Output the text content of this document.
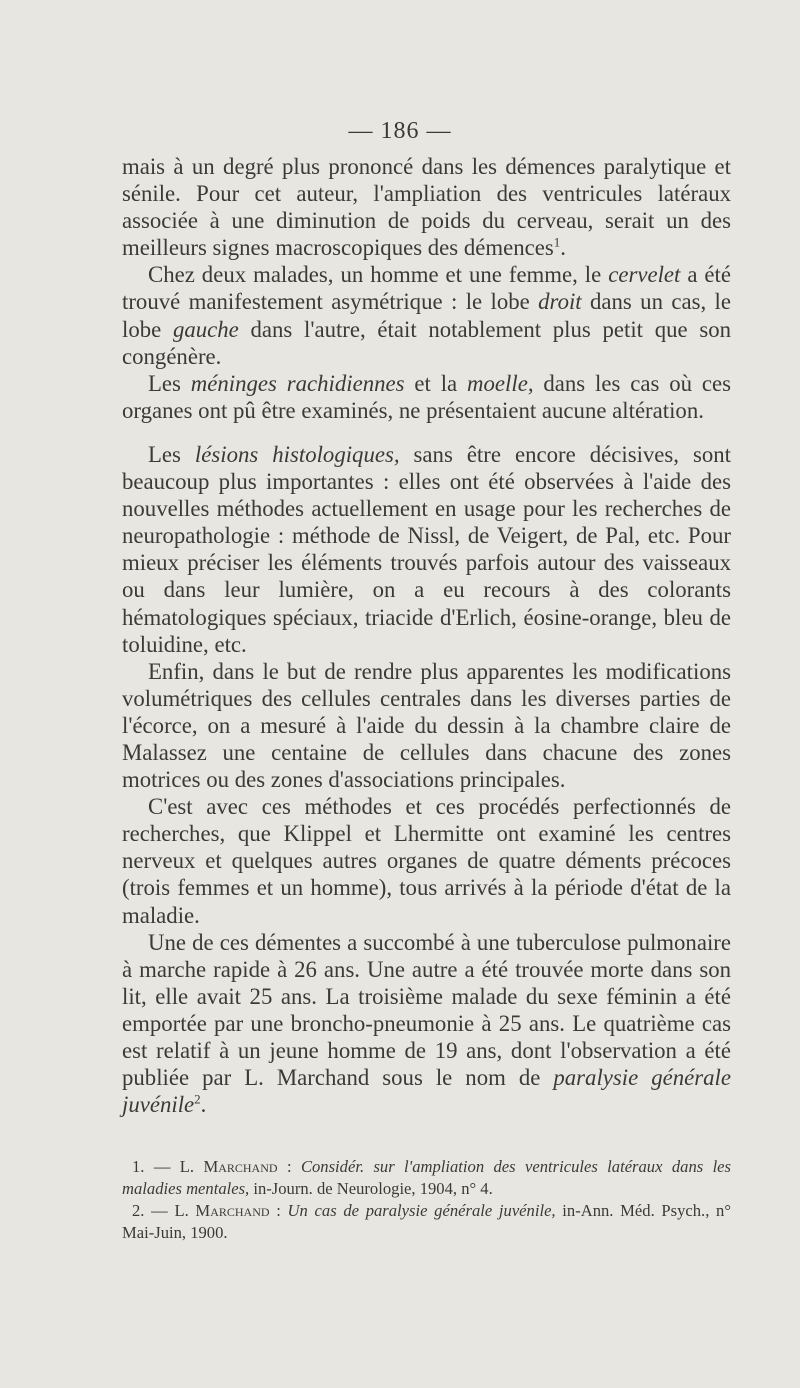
— 186 —

mais à un degré plus prononcé dans les démences paralytique et sénile. Pour cet auteur, l'ampliation des ventricules latéraux associée à une diminution de poids du cerveau, serait un des meilleurs signes macroscopiques des démences$^1$.

Chez deux malades, un homme et une femme, le cervelet a été trouvé manifestement asymétrique : le lobe droit dans un cas, le lobe gauche dans l'autre, était notablement plus petit que son congénère.

Les méninges rachidiennes et la moelle, dans les cas où ces organes ont pû être examinés, ne présentaient aucune altération.

Les lésions histologiques, sans être encore décisives, sont beaucoup plus importantes : elles ont été observées à l'aide des nouvelles méthodes actuellement en usage pour les recherches de neuropathologie : méthode de Nissl, de Veigert, de Pal, etc. Pour mieux préciser les éléments trouvés parfois autour des vaisseaux ou dans leur lumière, on a eu recours à des colorants hématologiques spéciaux, triacide d'Erlich, éosine-orange, bleu de toluidine, etc.

Enfin, dans le but de rendre plus apparentes les modifications volumétriques des cellules centrales dans les diverses parties de l'écorce, on a mesuré à l'aide du dessin à la chambre claire de Malassez une centaine de cellules dans chacune des zones motrices ou des zones d'associations principales.

C'est avec ces méthodes et ces procédés perfectionnés de recherches, que Klippel et Lhermitte ont examiné les centres nerveux et quelques autres organes de quatre déments précoces (trois femmes et un homme), tous arrivés à la période d'état de la maladie.

Une de ces démentes a succombé à une tuberculose pulmonaire à marche rapide à 26 ans. Une autre a été trouvée morte dans son lit, elle avait 25 ans. La troisième malade du sexe féminin a été emportée par une broncho-pneumonie à 25 ans. Le quatrième cas est relatif à un jeune homme de 19 ans, dont l'observation a été publiée par L. Marchand sous le nom de paralysie générale juvénile$^2$.

1. — L. Marchand : Considér. sur l'ampliation des ventricules latéraux dans les maladies mentales, in-Journ. de Neurologie, 1904, n° 4.

2. — L. Marchand : Un cas de paralysie générale juvénile, in-Ann. Méd. Psych., n° Mai-Juin, 1900.
